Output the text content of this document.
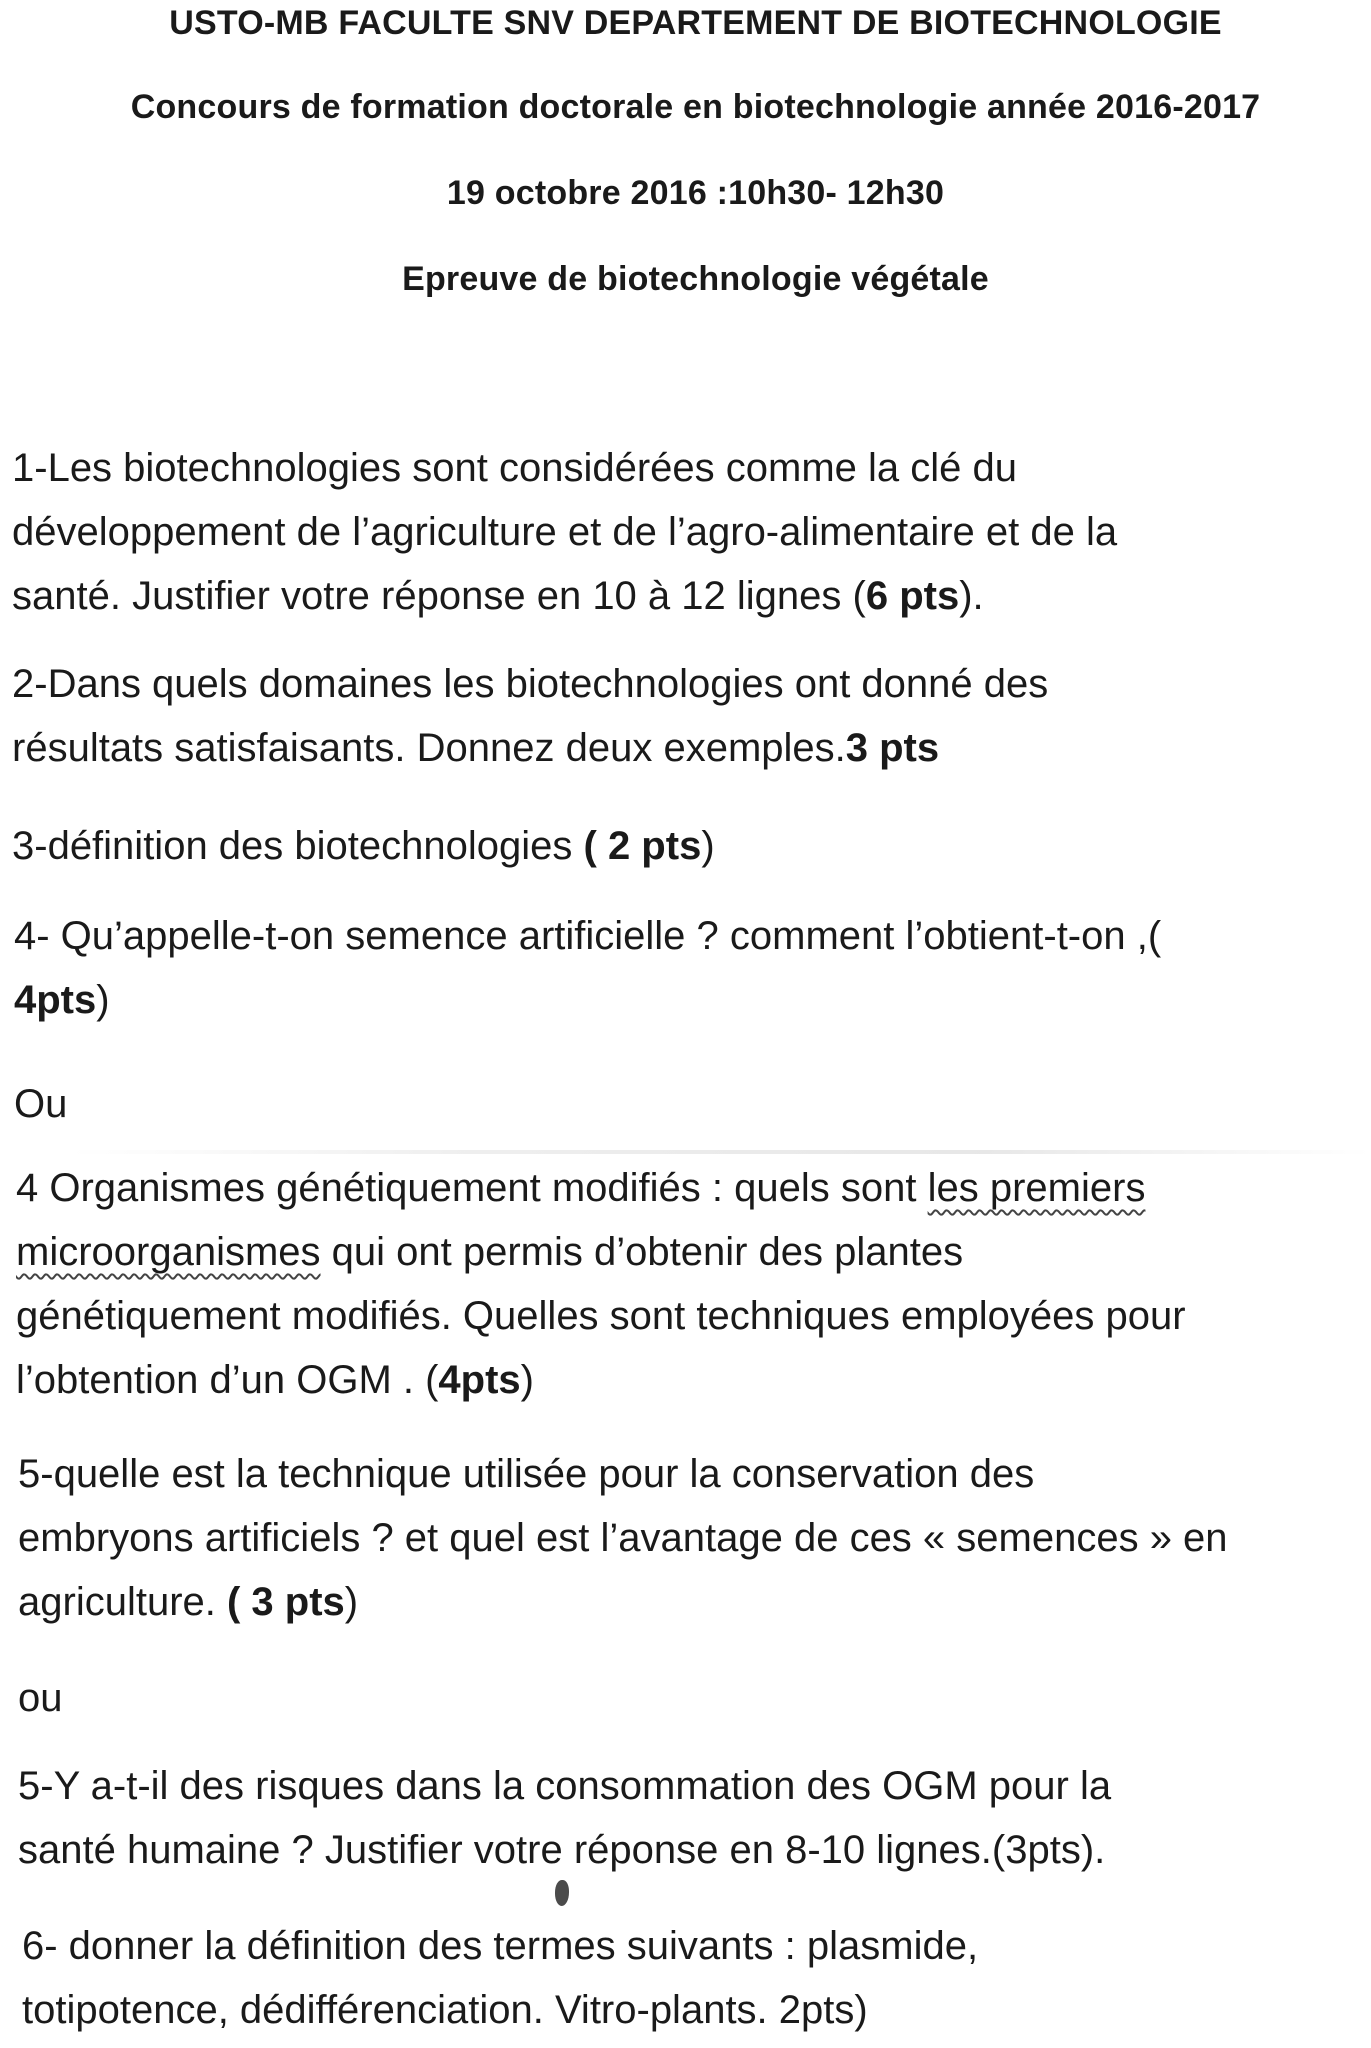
USTO-MB FACULTE SNV DEPARTEMENT DE BIOTECHNOLOGIE
Concours de formation doctorale en biotechnologie année 2016-2017
19 octobre 2016 :10h30- 12h30
Epreuve de biotechnologie végétale
1-Les biotechnologies sont considérées comme la clé du
développement de l’agriculture et de l’agro-alimentaire et de la
santé. Justifier votre réponse en 10 à 12 lignes (6 pts).
2-Dans quels domaines les biotechnologies ont donné des
résultats satisfaisants. Donnez deux exemples.3 pts
3-définition des biotechnologies ( 2 pts)
4- Qu’appelle-t-on semence artificielle ? comment l’obtient-t-on ,(
4pts)
Ou
4 Organismes génétiquement modifiés : quels sont les premiers
microorganismes qui ont permis d’obtenir des plantes
génétiquement modifiés. Quelles sont techniques employées pour
l’obtention d’un OGM . (4pts)
5-quelle est la technique utilisée pour la conservation des
embryons artificiels ? et quel est l’avantage de ces « semences » en
agriculture. ( 3 pts)
ou
5-Y a-t-il des risques dans la consommation des OGM pour la
santé humaine ? Justifier votre réponse en 8-10 lignes.(3pts).
6- donner la définition des termes suivants : plasmide,
totipotence, dédifférenciation. Vitro-plants. 2pts)
